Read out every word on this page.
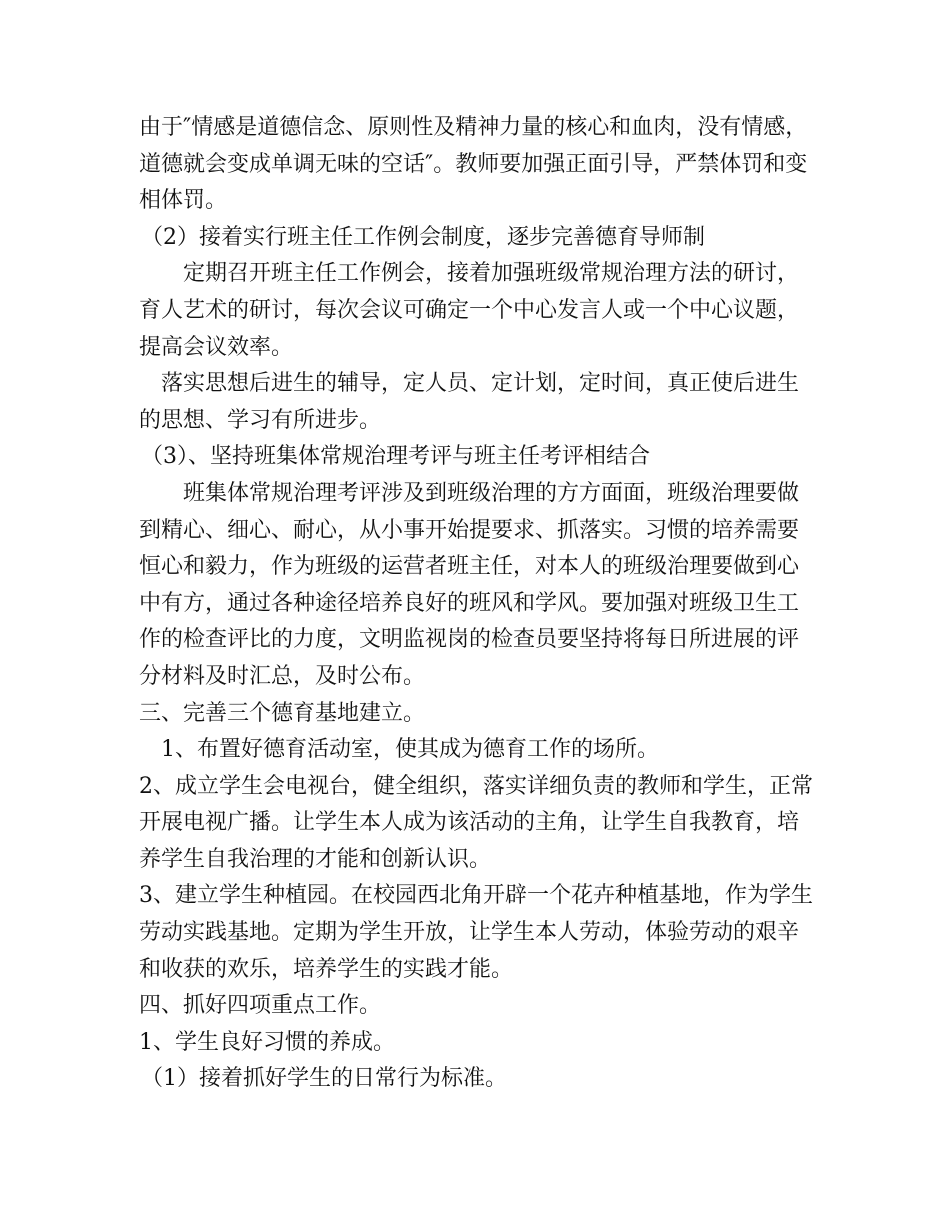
由于″情感是道德信念、原则性及精神力量的核心和血肉，没有情感，
道德就会变成单调无味的空话″。教师要加强正面引导，严禁体罚和变
相体罚。
（2）接着实行班主任工作例会制度，逐步完善德育导师制
定期召开班主任工作例会，接着加强班级常规治理方法的研讨，
育人艺术的研讨，每次会议可确定一个中心发言人或一个中心议题，
提高会议效率。
落实思想后进生的辅导，定人员、定计划，定时间，真正使后进生
的思想、学习有所进步。
（3）、坚持班集体常规治理考评与班主任考评相结合
班集体常规治理考评涉及到班级治理的方方面面，班级治理要做
到精心、细心、耐心，从小事开始提要求、抓落实。习惯的培养需要
恒心和毅力，作为班级的运营者班主任，对本人的班级治理要做到心
中有方，通过各种途径培养良好的班风和学风。要加强对班级卫生工
作的检查评比的力度，文明监视岗的检查员要坚持将每日所进展的评
分材料及时汇总，及时公布。
三、完善三个德育基地建立。
1、布置好德育活动室，使其成为德育工作的场所。
2、成立学生会电视台，健全组织，落实详细负责的教师和学生，正常
开展电视广播。让学生本人成为该活动的主角，让学生自我教育，培
养学生自我治理的才能和创新认识。
3、建立学生种植园。在校园西北角开辟一个花卉种植基地，作为学生
劳动实践基地。定期为学生开放，让学生本人劳动，体验劳动的艰辛
和收获的欢乐，培养学生的实践才能。
四、抓好四项重点工作。
1、学生良好习惯的养成。
（1）接着抓好学生的日常行为标准。
